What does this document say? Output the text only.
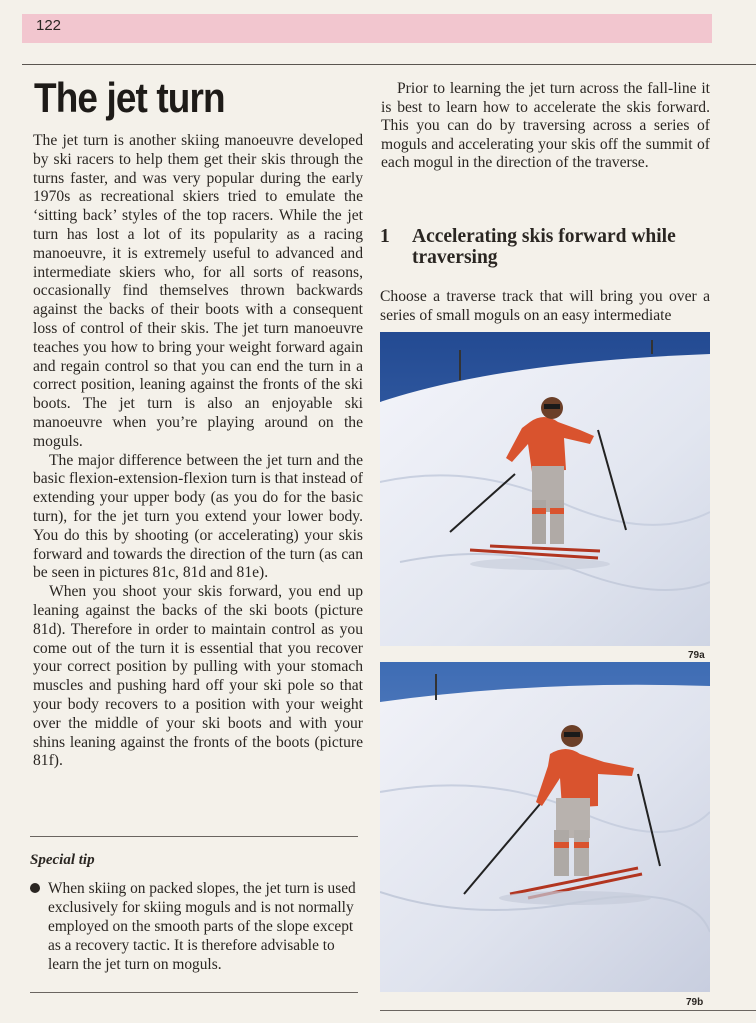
122
The jet turn

The jet turn is another skiing manoeuvre developed by ski racers to help them get their skis through the turns faster, and was very popular during the early 1970s as recreational skiers tried to emulate the ‘sitting back’ styles of the top racers. While the jet turn has lost a lot of its popularity as a racing manoeuvre, it is extremely useful to advanced and intermediate skiers who, for all sorts of reasons, occasionally find themselves thrown backwards against the backs of their boots with a consequent loss of control of their skis. The jet turn manoeuvre teaches you how to bring your weight forward again and regain control so that you can end the turn in a correct position, leaning against the fronts of the ski boots. The jet turn is also an enjoyable ski manoeuvre when you’re playing around on the moguls.

The major difference between the jet turn and the basic flexion-extension-flexion turn is that instead of extending your upper body (as you do for the basic turn), for the jet turn you extend your lower body. You do this by shooting (or accelerating) your skis forward and towards the direction of the turn (as can be seen in pictures 81c, 81d and 81e).

When you shoot your skis forward, you end up leaning against the backs of the ski boots (picture 81d). Therefore in order to maintain control as you come out of the turn it is essential that you recover your correct position by pulling with your stomach muscles and pushing hard off your ski pole so that your body recovers to a position with your weight over the middle of your ski boots and with your shins leaning against the fronts of the boots (picture 81f).

Special tip
When skiing on packed slopes, the jet turn is used exclusively for skiing moguls and is not normally employed on the smooth parts of the slope except as a recovery tactic. It is therefore advisable to learn the jet turn on moguls.

Prior to learning the jet turn across the fall-line it is best to learn how to accelerate the skis forward. This you can do by traversing across a series of moguls and accelerating your skis off the summit of each mogul in the direction of the traverse.

1 Accelerating skis forward while traversing
Choose a traverse track that will bring you over a series of small moguls on an easy intermediate
79a
79b
